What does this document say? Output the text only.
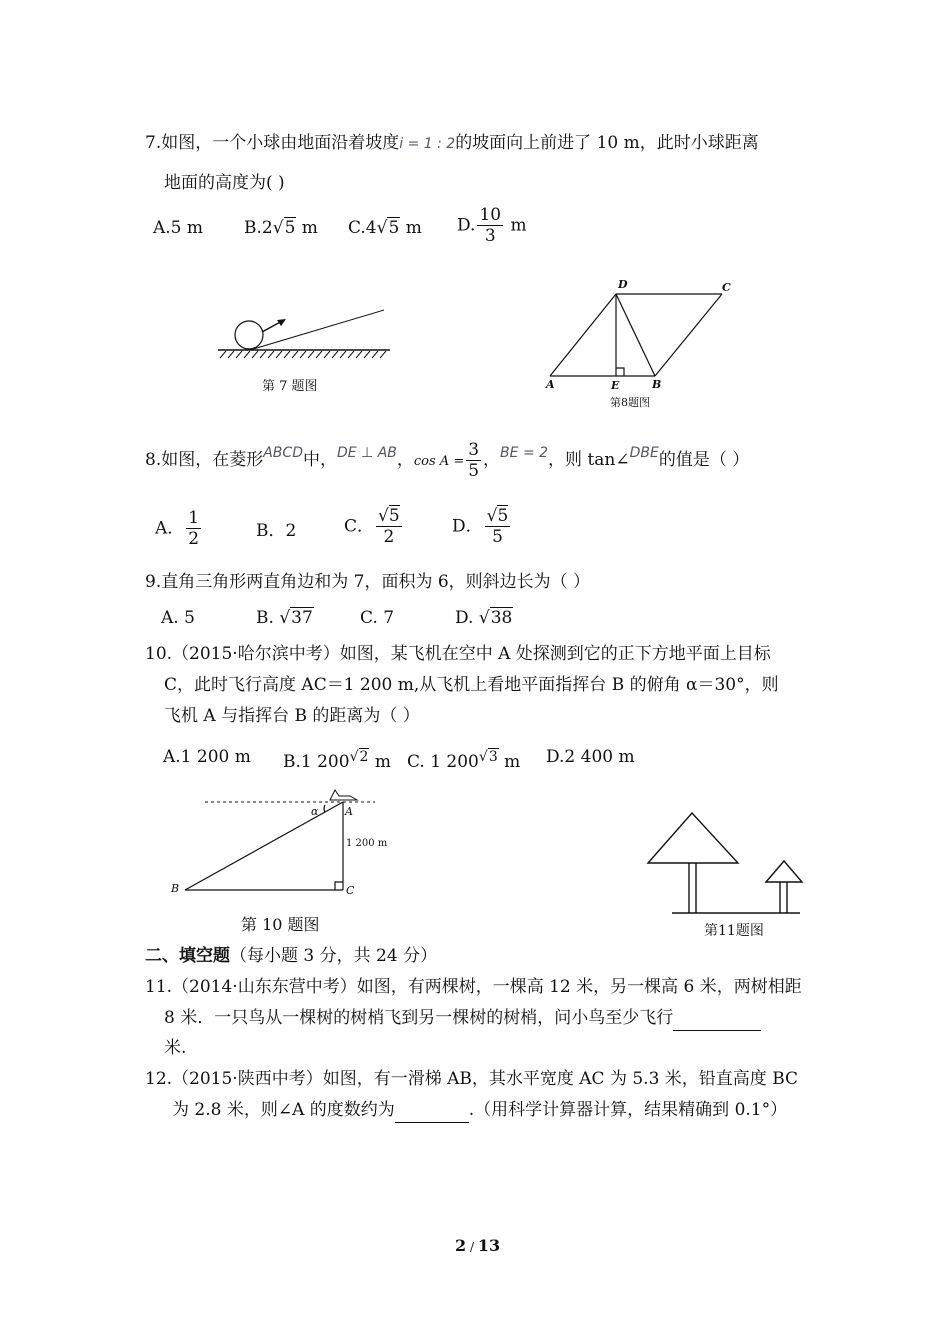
7.如图，一个小球由地面沿着坡度i = 1 : 2的坡面向上前进了 10 m，此时小球距离
地面的高度为( )
A.5 m B.2√5 m C.4√5 m D. $\frac{10}{3}$ m
第 7 题图
D	C
A	E	B
第8题图
8.如图，在菱形$^{ABCD}$中，$^{DE \perp AB}$，$\cos A = \frac{3}{5}$ ，$^{BE = 2}$，则 tan∠$^{DBE}$的值是（ ）
A． $\frac{1}{2}$	B．2	C． $\frac{√5}{2}$	D． $\frac{√5}{5}$
9.直角三角形两直角边和为 7，面积为 6，则斜边长为（ ）
A. 5	B. √37	C. 7	D. √38
10.（2015·哈尔滨中考）如图，某飞机在空中 A 处探测到它的正下方地平面上目标
C，此时飞行高度 AC＝1 200 m,从飞机上看地平面指挥台 B 的俯角 α＝30°，则
飞机 A 与指挥台 B 的距离为（ ）
A.1 200 m B.1 200√2 m C. 1 200√3 m D.2 400 m
A
α
1 200 m
B	C
第 10 题图	第11题图
二、填空题（每小题 3 分，共 24 分）
11.（2014·山东东营中考）如图，有两棵树，一棵高 12 米，另一棵高 6 米，两树相距
8 米．一只鸟从一棵树的树梢飞到另一棵树的树梢，问小鸟至少飞行
米.
12.（2015·陕西中考）如图，有一滑梯 AB，其水平宽度 AC 为 5.3 米，铅直高度 BC
为 2.8 米，则∠A 的度数约为	.（用科学计算器计算，结果精确到 0.1°）
2 / 13
